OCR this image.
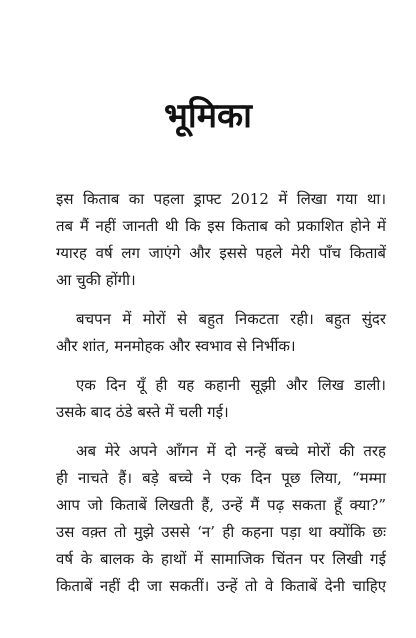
भूमिका
इस किताब का पहला ड्राफ्ट 2012 में लिखा गया था।
तब मैं नहीं जानती थी कि इस किताब को प्रकाशित होने में
ग्यारह वर्ष लग जाएंगे और इससे पहले मेरी पाँच किताबें
आ चुकी होंगी।
बचपन में मोरों से बहुत निकटता रही। बहुत सुंदर
और शांत, मनमोहक और स्वभाव से निर्भीक।
एक दिन यूँ ही यह कहानी सूझी और लिख डाली।
उसके बाद ठंडे बस्ते में चली गई।
अब मेरे अपने आँगन में दो नन्हें बच्चे मोरों की तरह
ही नाचते हैं। बड़े बच्चे ने एक दिन पूछ लिया, “मम्मा
आप जो किताबें लिखती हैं, उन्हें मैं पढ़ सकता हूँ क्या?”
उस वक़्त तो मुझे उससे ‘न’ ही कहना पड़ा था क्योंकि छः
वर्ष के बालक के हाथों में सामाजिक चिंतन पर लिखी गई
किताबें नहीं दी जा सकतीं। उन्हें तो वे किताबें देनी चाहिए
